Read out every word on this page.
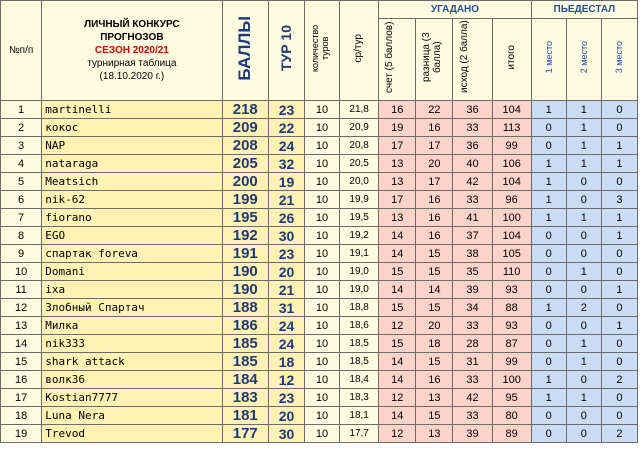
№п/п	ЛИЧНЫЙ КОНКУРС
ПРОГНОЗОВ
СЕЗОН 2020/21
турнирная таблица
(18.10.2020 г.)	БАЛЛЫ	ТУР 10	количество туров	ср/тур	УГАДАНО				ПЬЕДЕСТАЛ		
						счет (5 баллов)	разница (3 балла)	исход (2 балла)	итого	1 место	2 место	3 место
1	martinelli	218	23	10	21,8	16	22	36	104	1	1	0
2	кокос	209	22	10	20,9	19	16	33	113	0	1	0
3	NAP	208	24	10	20,8	17	17	36	99	0	1	1
4	nataraga	205	32	10	20,5	13	20	40	106	1	1	1
5	Meatsich	200	19	10	20,0	13	17	42	104	1	0	0
6	nik-62	199	21	10	19,9	17	16	33	96	1	0	3
7	fiorano	195	26	10	19,5	13	16	41	100	1	1	1
8	EGO	192	30	10	19,2	14	16	37	104	0	0	1
9	спартак foreva	191	23	10	19,1	14	15	38	105	0	0	0
10	Domani	190	20	10	19,0	15	15	35	110	0	1	0
11	ixa	190	21	10	19,0	14	14	39	93	0	0	1
12	Злобный Спартач	188	31	10	18,8	15	15	34	88	1	2	0
13	Милка	186	24	10	18,6	12	20	33	93	0	0	1
14	nik333	185	24	10	18,5	15	18	28	87	0	1	0
15	shark attack	185	18	10	18,5	14	15	31	99	0	1	0
16	волк36	184	12	10	18,4	14	16	33	100	1	0	2
17	Kostian7777	183	23	10	18,3	12	13	42	95	1	1	0
18	Luna Nera	181	20	10	18,1	14	15	33	80	0	0	0
19	Trevod	177	30	10	17,7	12	13	39	89	0	0	2
